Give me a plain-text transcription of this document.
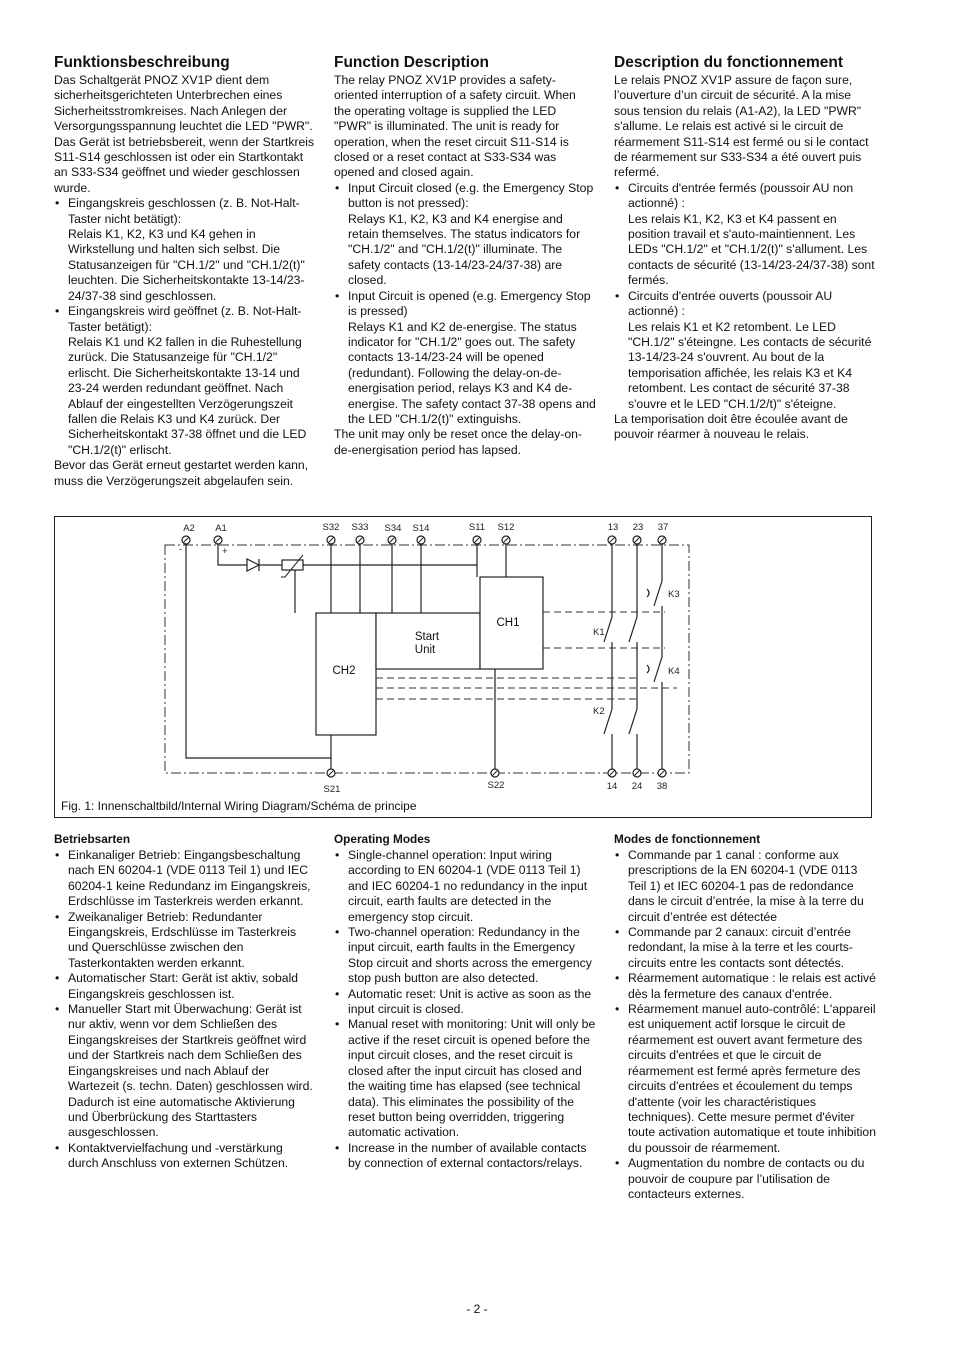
Funktionsbeschreibung

Das Schaltgerät PNOZ XV1P dient dem sicherheitsgerichteten Unterbrechen eines Sicherheitsstromkreises. Nach Anlegen der Versorgungsspannung leuchtet die LED "PWR". Das Gerät ist betriebsbereit, wenn der Startkreis S11-S14 geschlossen ist oder ein Startkontakt an S33-S34 geöffnet und wieder geschlossen wurde.

• Eingangskreis geschlossen (z. B. Not-Halt-Taster nicht betätigt):
Relais K1, K2, K3 und K4 gehen in Wirkstellung und halten sich selbst. Die Statusanzeigen für "CH.1/2" und "CH.1/2(t)" leuchten. Die Sicherheitskontakte 13-14/23-24/37-38 sind geschlossen.
• Eingangskreis wird geöffnet (z. B. Not-Halt-Taster betätigt):
Relais K1 und K2 fallen in die Ruhestellung zurück. Die Statusanzeige für "CH.1/2" erlischt. Die Sicherheitskontakte 13-14 und 23-24 werden redundant geöffnet. Nach Ablauf der eingestellten Verzögerungszeit fallen die Relais K3 und K4 zurück. Der Sicherheitskontakt 37-38 öffnet und die LED "CH.1/2(t)" erlischt.

Bevor das Gerät erneut gestartet werden kann, muss die Verzögerungszeit abgelaufen sein.

Function Description

The relay PNOZ XV1P provides a safety-oriented interruption of a safety circuit. When the operating voltage is supplied the LED "PWR" is illuminated. The unit is ready for operation, when the reset circuit S11-S14 is closed or a reset contact at S33-S34 was opened and closed again.

• Input Circuit closed (e.g. the Emergency Stop button is not pressed):
Relays K1, K2, K3 and K4 energise and retain themselves. The status indicators for "CH.1/2" and "CH.1/2(t)" illuminate. The safety contacts (13-14/23-24/37-38) are closed.
• Input Circuit is opened (e.g. Emergency Stop is pressed)
Relays K1 and K2 de-energise. The status indicator for "CH.1/2" goes out. The safety contacts 13-14/23-24 will be opened (redundant). Following the delay-on-de-energisation period, relays K3 and K4 de-energise. The safety contact 37-38 opens and the LED "CH.1/2(t)" extinguishs.

The unit may only be reset once the delay-on-de-energisation period has lapsed.

Description du fonctionnement

Le relais PNOZ XV1P assure de façon sure, l’ouverture d’un circuit de sécurité. A la mise sous tension du relais (A1-A2), la LED "PWR" s'allume. Le relais est activé si le circuit de réarmement S11-S14 est fermé ou si le contact de réarmement sur S33-S34 a été ouvert puis refermé.

• Circuits d'entrée fermés (poussoir AU non actionné) :
Les relais K1, K2, K3 et K4 passent en position travail et s'auto-maintiennent. Les LEDs "CH.1/2" et "CH.1/2(t)" s'allument. Les contacts de sécurité (13-14/23-24/37-38) sont fermés.
• Circuits d'entrée ouverts (poussoir AU actionné) :
Les relais K1 et K2 retombent. Le LED "CH.1/2" s'éteingne. Les contacts de sécurité 13-14/23-24 s'ouvrent. Au bout de la temporisation affichée, les relais K3 et K4 retombent. Les contact de sécurité 37-38 s'ouvre et le LED "CH.1/2/t)" s'éteigne.

La temporisation doit être écoulée avant de pouvoir réarmer à nouveau le relais.

A2 A1	S32 S33 S34 S14	S11 S12	13 23 37
-	+
CH2
Start
Unit
CH1
K1
K2
K3
K4
S21	S22	14 24 38
Fig. 1: Innenschaltbild/Internal Wiring Diagram/Schéma de principe
Betriebsarten
• Einkanaliger Betrieb: Eingangsbeschaltung nach EN 60204-1 (VDE 0113 Teil 1) und IEC 60204-1 keine Redundanz im Eingangskreis, Erdschlüsse im Tasterkreis werden erkannt.
• Zweikanaliger Betrieb: Redundanter Eingangskreis, Erdschlüsse im Tasterkreis und Querschlüsse zwischen den Tasterkontakten werden erkannt.
• Automatischer Start: Gerät ist aktiv, sobald Eingangskreis geschlossen ist.
• Manueller Start mit Überwachung: Gerät ist nur aktiv, wenn vor dem Schließen des Eingangskreises der Startkreis geöffnet wird und der Startkreis nach dem Schließen des Eingangskreises und nach Ablauf der Wartezeit (s. techn. Daten) geschlossen wird. Dadurch ist eine automatische Aktivierung und Überbrückung des Starttasters ausgeschlossen.
• Kontaktvervielfachung und -verstärkung durch Anschluss von externen Schützen.
Operating Modes
• Single-channel operation: Input wiring according to EN 60204-1 (VDE 0113 Teil 1) and IEC 60204-1 no redundancy in the input circuit, earth faults are detected in the emergency stop circuit.
• Two-channel operation: Redundancy in the input circuit, earth faults in the Emergency Stop circuit and shorts across the emergency stop push button are also detected.
• Automatic reset: Unit is active as soon as the input circuit is closed.
• Manual reset with monitoring: Unit will only be active if the reset circuit is opened before the input circuit closes, and the reset circuit is closed after the input circuit has closed and the waiting time has elapsed (see technical data). This eliminates the possibility of the reset button being overridden, triggering automatic activation.
• Increase in the number of available contacts by connection of external contactors/relays.
Modes de fonctionnement
• Commande par 1 canal : conforme aux prescriptions de la EN 60204-1 (VDE 0113 Teil 1) et IEC 60204-1 pas de redondance dans le circuit d’entrée, la mise à la terre du circuit d’entrée est détectée
• Commande par 2 canaux: circuit d’entrée redondant, la mise à la terre et les courts-circuits entre les contacts sont détectés.
• Réarmement automatique : le relais est activé dès la fermeture des canaux d'entrée.
• Réarmement manuel auto-contrôlé: L'appareil est uniquement actif lorsque le circuit de réarmement est ouvert avant fermeture des circuits d'entrées et que le circuit de réarmement est fermé après fermeture des circuits d'entrées et écoulement du temps d'attente (voir les charactéristiques techniques). Cette mesure permet d'éviter toute activation automatique et toute inhibition du poussoir de réarmement.
• Augmentation du nombre de contacts ou du pouvoir de coupure par l’utilisation de contacteurs externes.
- 2 -
